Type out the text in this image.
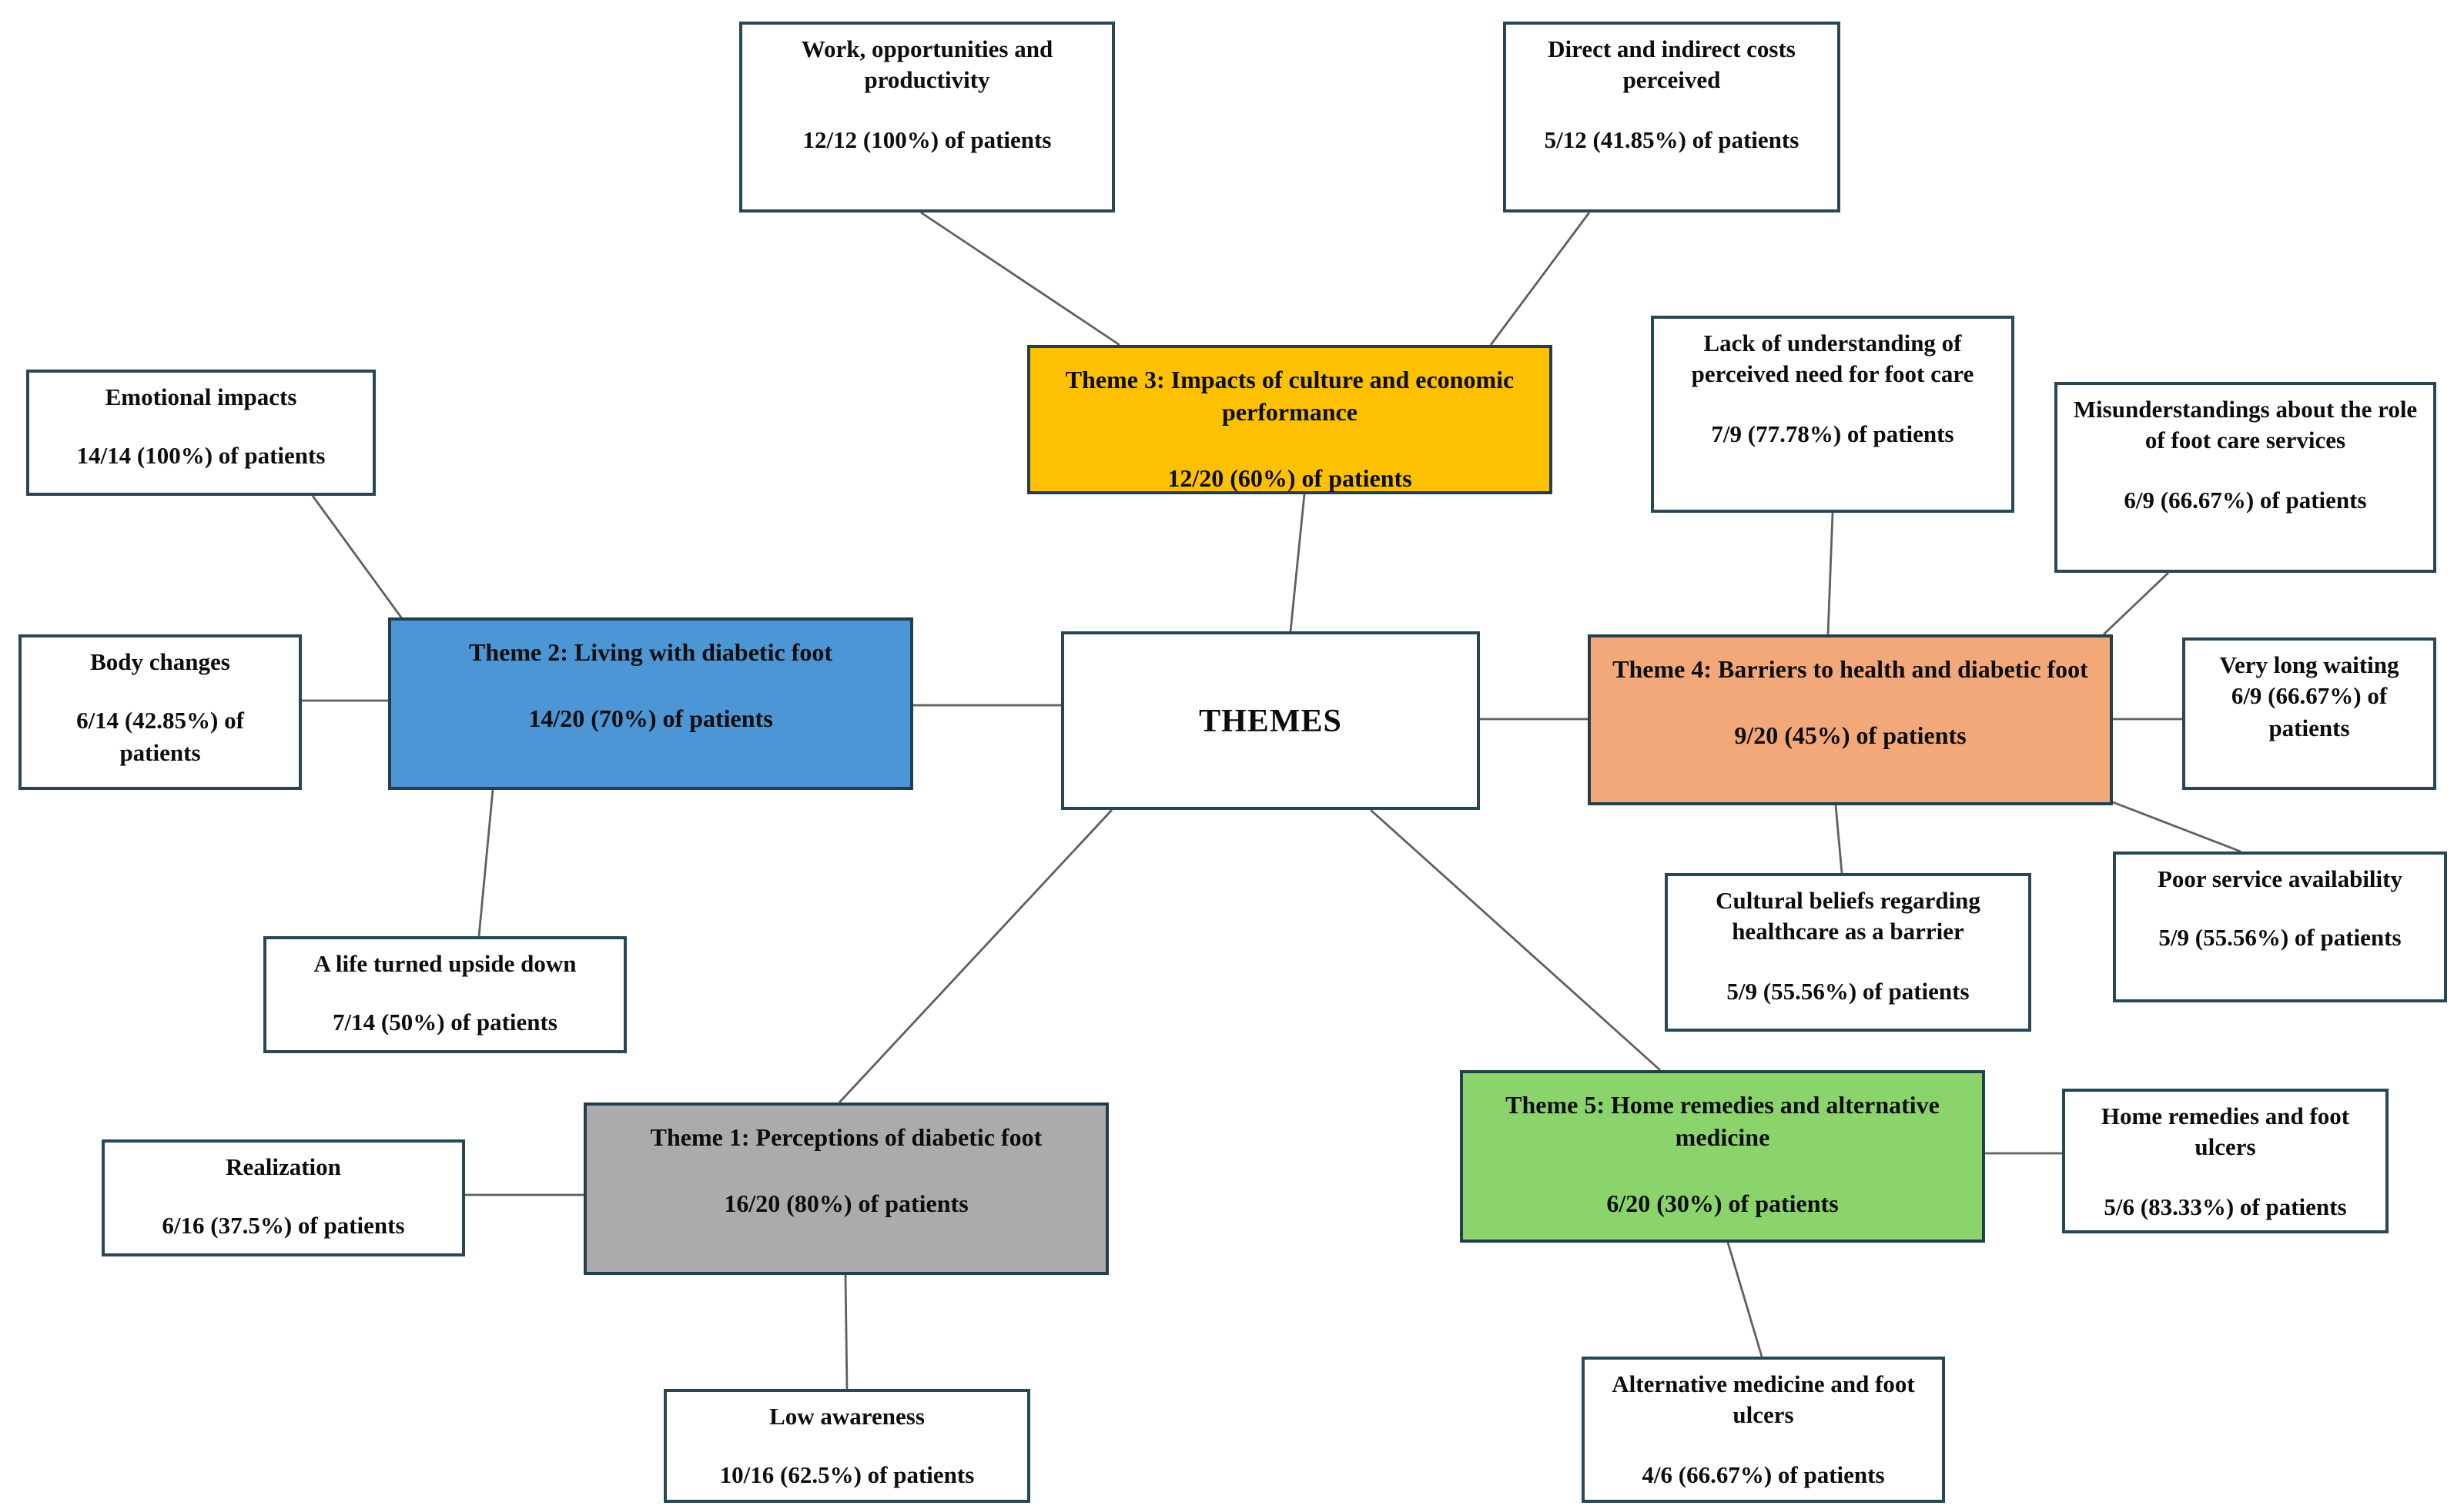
Work, opportunities and productivity
12/12 (100%) of patients
Direct and indirect costs perceived
5/12 (41.85%) of patients
Theme 3: Impacts of culture and economic performance
12/20 (60%) of patients
Lack of understanding of perceived need for foot care
7/9 (77.78%) of patients
Misunderstandings about the role of foot care services
6/9 (66.67%) of patients
Emotional impacts
14/14 (100%) of patients
Body changes
6/14 (42.85%) of patients
Theme 2: Living with diabetic foot
14/20 (70%) of patients	THEMES
Theme 4: Barriers to health and diabetic foot
9/20 (45%) of patients
Very long waiting
6/9 (66.67%) of patients
Poor service availability
5/9 (55.56%) of patients
Cultural beliefs regarding healthcare as a barrier
5/9 (55.56%) of patients
A life turned upside down
7/14 (50%) of patients
Theme 1: Perceptions of diabetic foot
16/20 (80%) of patients
Realization
6/16 (37.5%) of patients
Theme 5: Home remedies and alternative medicine
6/20 (30%) of patients
Home remedies and foot ulcers
5/6 (83.33%) of patients
Low awareness
10/16 (62.5%) of patients
Alternative medicine and foot ulcers
4/6 (66.67%) of patients
